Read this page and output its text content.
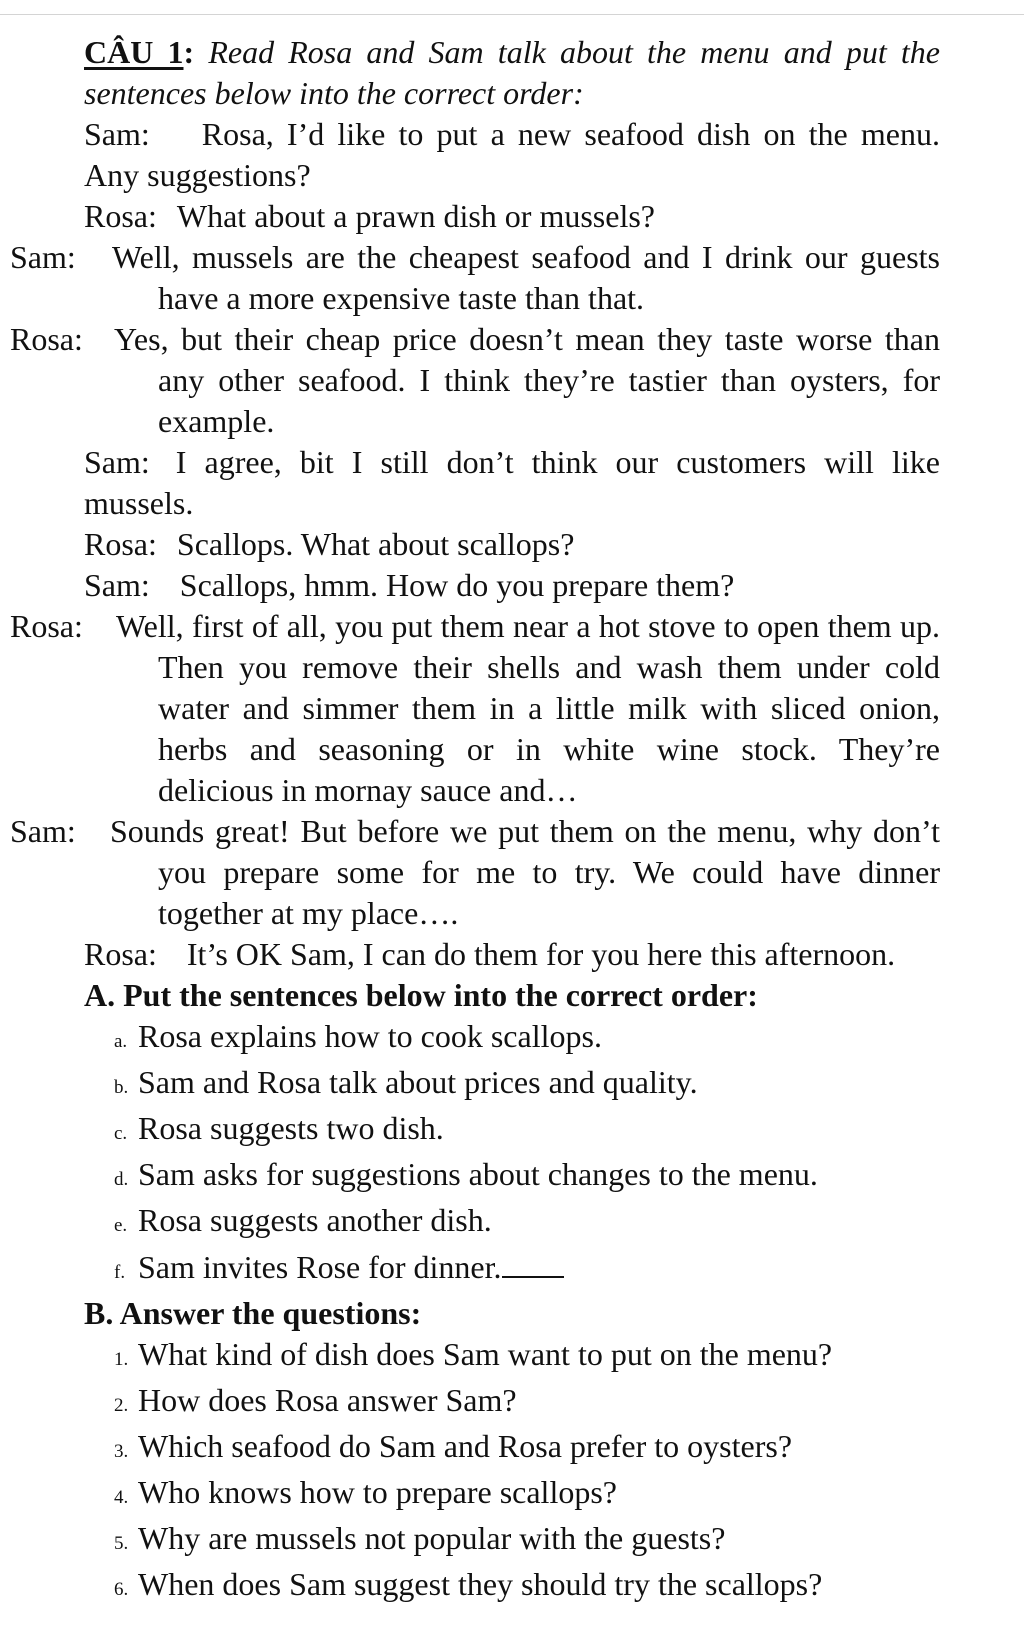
CÂU 1: Read Rosa and Sam talk about the menu and put the sentences below into the correct order:

Sam: Rosa, I’d like to put a new seafood dish on the menu. Any suggestions?

Rosa: What about a prawn dish or mussels?

Sam: Well, mussels are the cheapest seafood and I drink our guests have a more expensive taste than that.

Rosa: Yes, but their cheap price doesn’t mean they taste worse than any other seafood. I think they’re tastier than oysters, for example.

Sam: I agree, bit I still don’t think our customers will like mussels.

Rosa: Scallops. What about scallops?

Sam: Scallops, hmm. How do you prepare them?

Rosa: Well, first of all, you put them near a hot stove to open them up. Then you remove their shells and wash them under cold water and simmer them in a little milk with sliced onion, herbs and seasoning or in white wine stock. They’re delicious in mornay sauce and…

Sam: Sounds great! But before we put them on the menu, why don’t you prepare some for me to try. We could have dinner together at my place….

Rosa: It’s OK Sam, I can do them for you here this afternoon.

A. Put the sentences below into the correct order:

a. Rosa explains how to cook scallops.

b. Sam and Rosa talk about prices and quality.

c. Rosa suggests two dish.

d. Sam asks for suggestions about changes to the menu.

e. Rosa suggests another dish.

f. Sam invites Rose for dinner.

B. Answer the questions:

1. What kind of dish does Sam want to put on the menu?

2. How does Rosa answer Sam?

3. Which seafood do Sam and Rosa prefer to oysters?

4. Who knows how to prepare scallops?

5. Why are mussels not popular with the guests?

6. When does Sam suggest they should try the scallops?
